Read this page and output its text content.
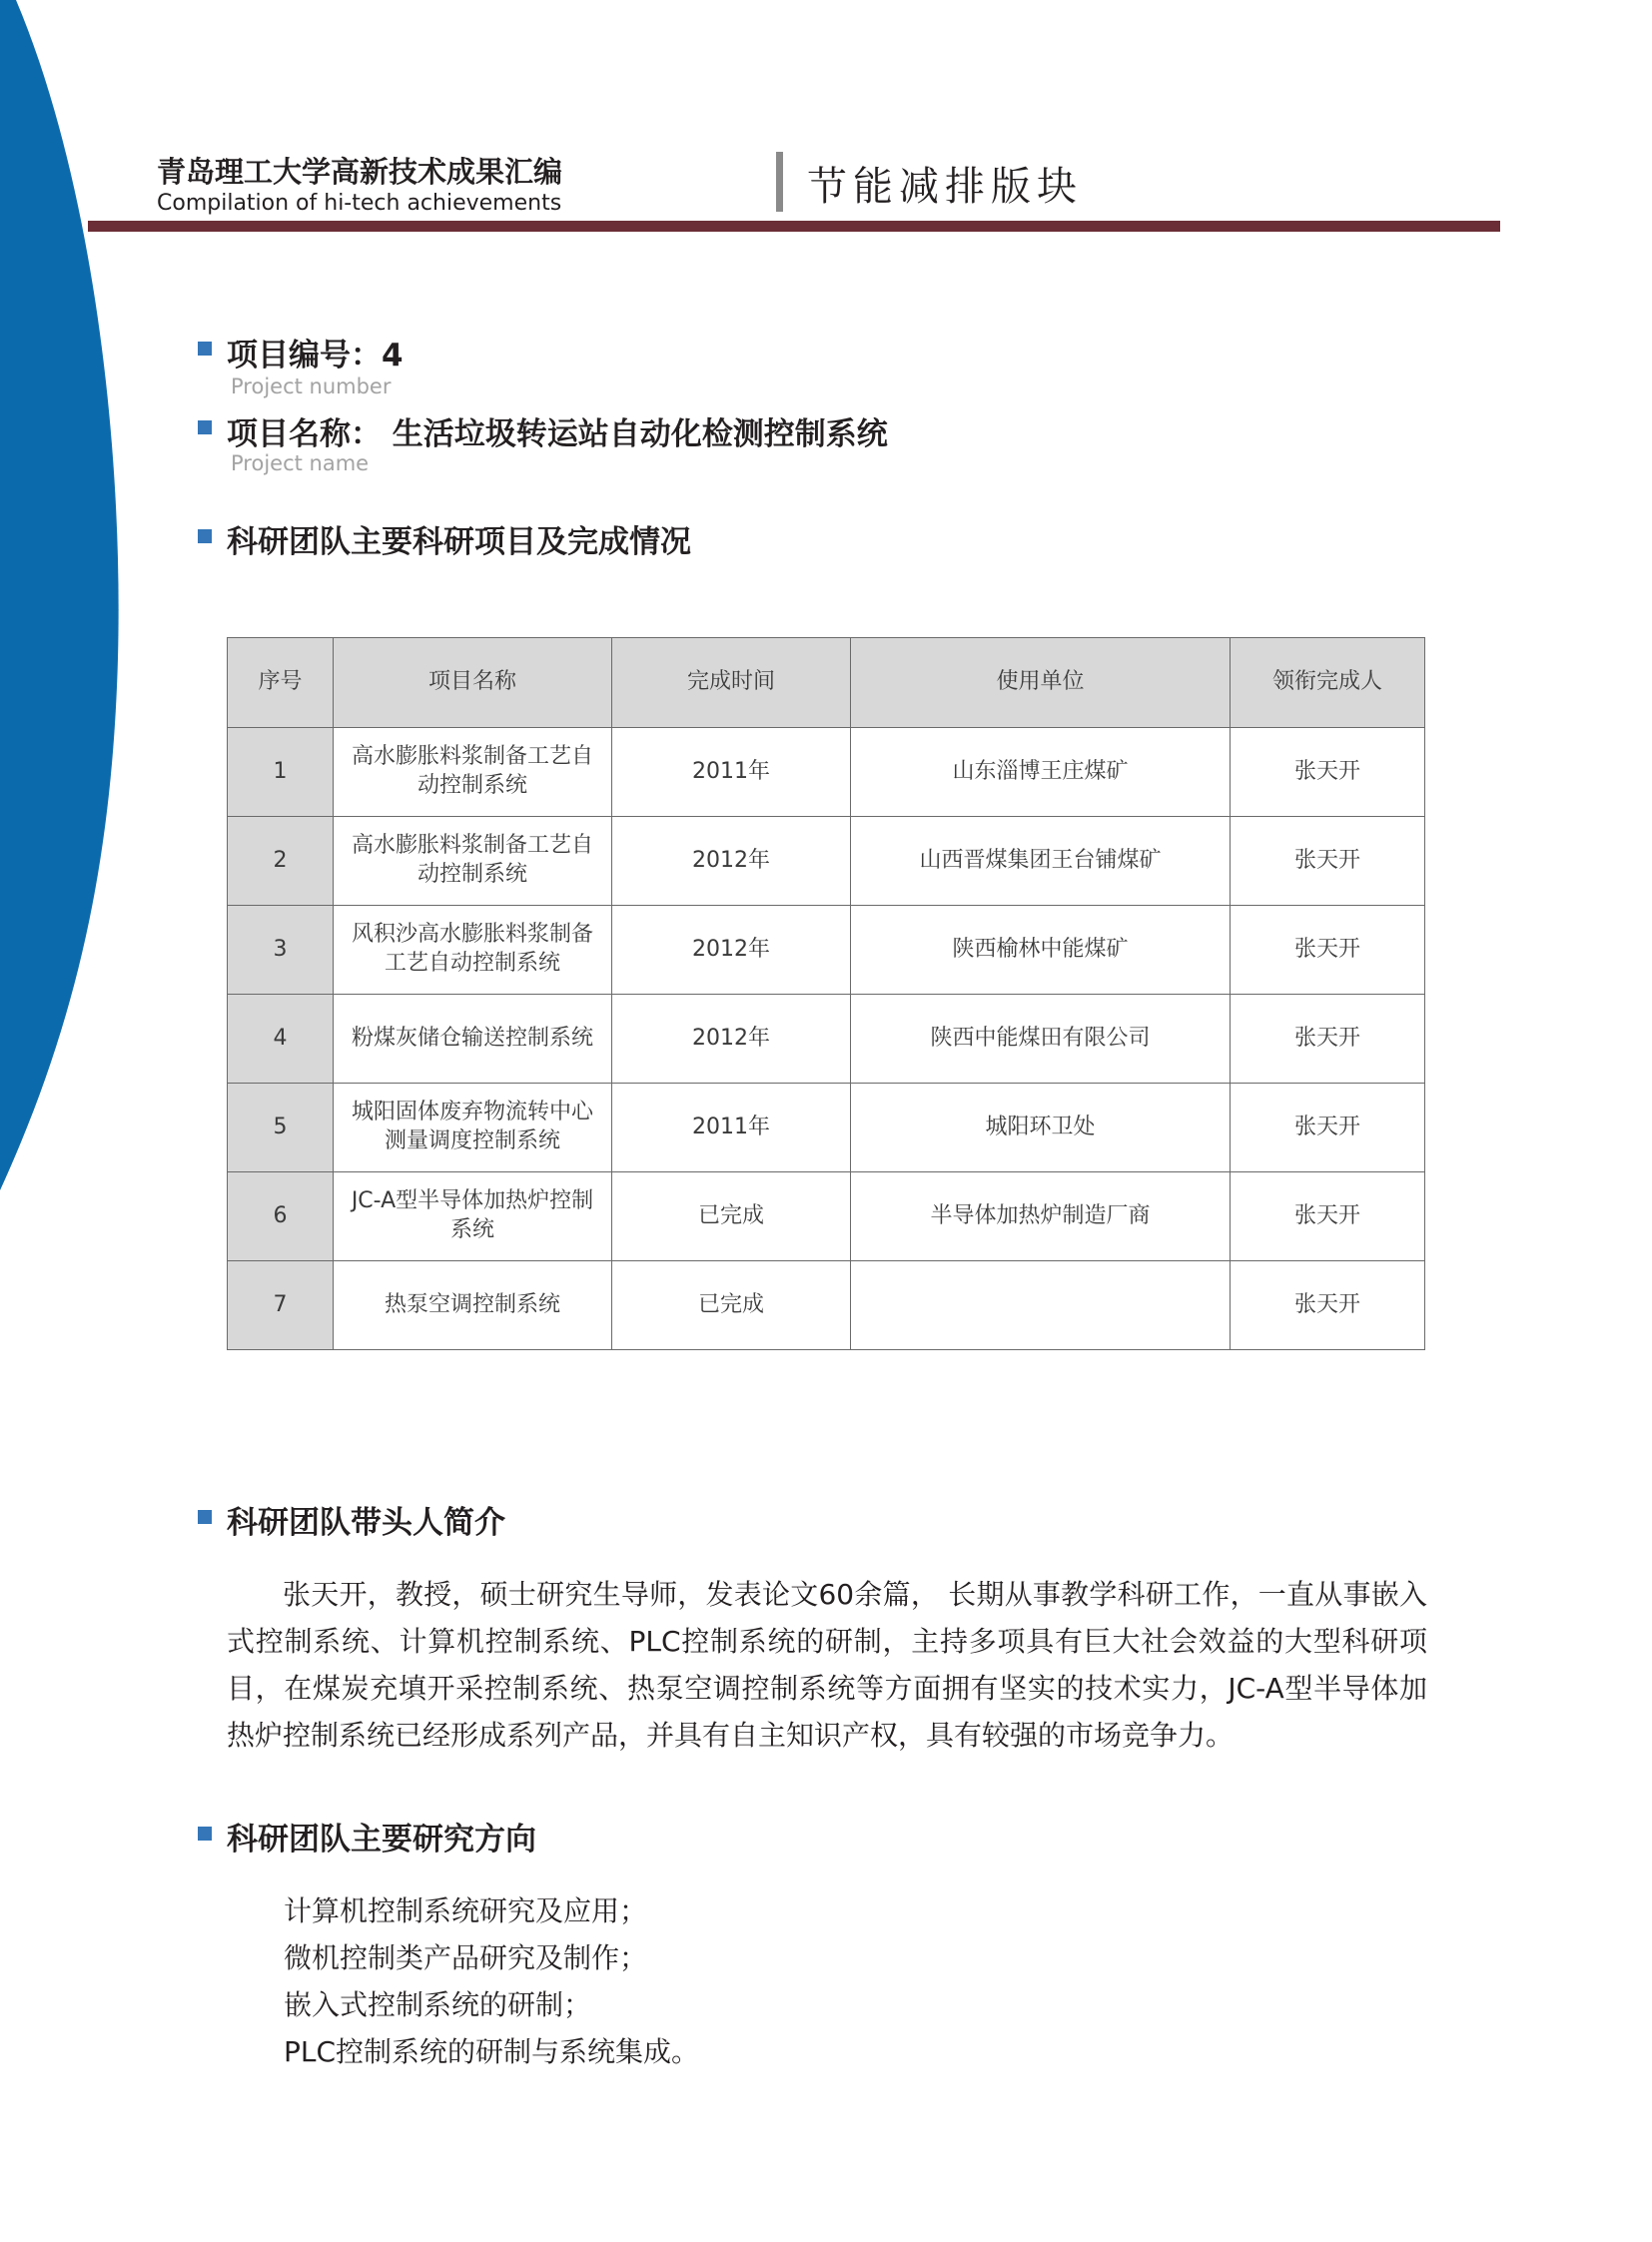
青岛理工大学高新技术成果汇编
Compilation of hi-tech achievements	节能减排版块
项目编号：4
Project number
项目名称： 生活垃圾转运站自动化检测控制系统
Project name
科研团队主要科研项目及完成情况
序号	项目名称	完成时间	使用单位	领衔完成人
1	高水膨胀料浆制备工艺自动控制系统	2011年	山东淄博王庄煤矿	张天开
2	高水膨胀料浆制备工艺自动控制系统	2012年	山西晋煤集团王台铺煤矿	张天开
3	风积沙高水膨胀料浆制备工艺自动控制系统	2012年	陕西榆林中能煤矿	张天开
4	粉煤灰储仓输送控制系统	2012年	陕西中能煤田有限公司	张天开
5	城阳固体废弃物流转中心测量调度控制系统	2011年	城阳环卫处	张天开
6	JC-A型半导体加热炉控制系统	已完成	半导体加热炉制造厂商	张天开
7	热泵空调控制系统	已完成		张天开
科研团队带头人简介

张天开，教授，硕士研究生导师，发表论文60余篇， 长期从事教学科研工作，一直从事嵌入式控制系统、计算机控制系统、PLC控制系统的研制，主持多项具有巨大社会效益的大型科研项目，在煤炭充填开采控制系统、热泵空调控制系统等方面拥有坚实的技术实力，JC-A型半导体加热炉控制系统已经形成系列产品，并具有自主知识产权，具有较强的市场竞争力。

科研团队主要研究方向
计算机控制系统研究及应用；
微机控制类产品研究及制作；
嵌入式控制系统的研制；
PLC控制系统的研制与系统集成。
